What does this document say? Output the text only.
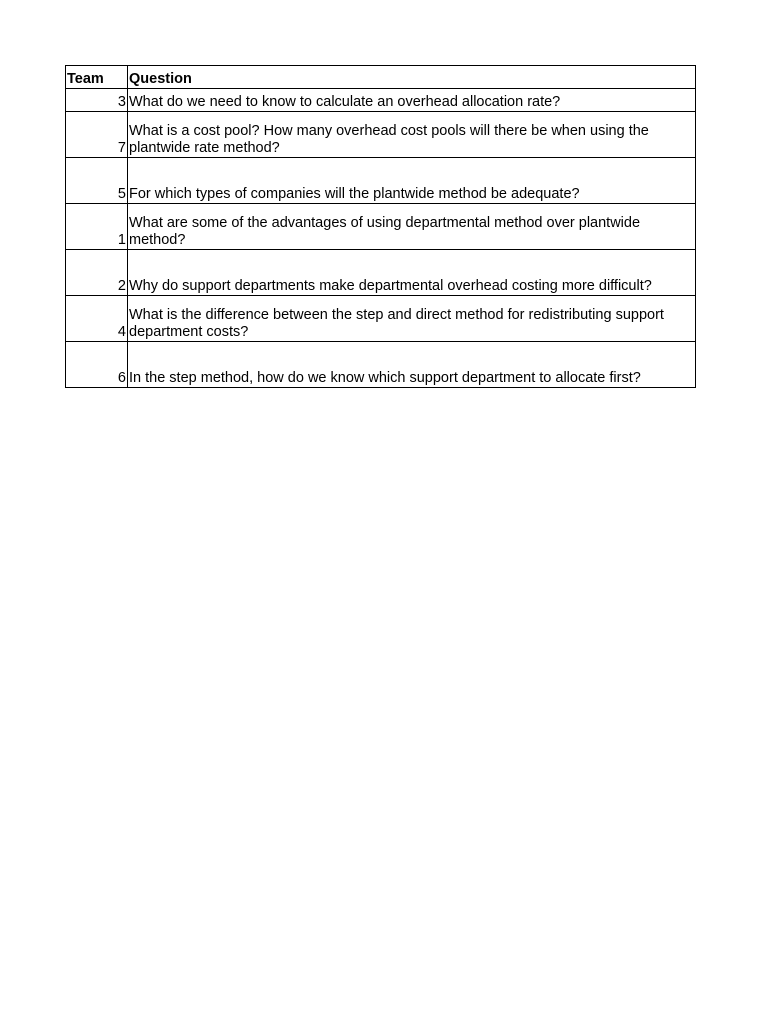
Team	Question
3	What do we need to know to calculate an overhead allocation rate?
7	What is a cost pool? How many overhead cost pools will there be when using the plantwide rate method?
5	For which types of companies will the plantwide method be adequate?
1	What are some of the advantages of using departmental method over plantwide method?
2	Why do support departments make departmental overhead costing more difficult?
4	What is the difference between the step and direct method for redistributing support department costs?
6	In the step method, how do we know which support department to allocate first?
